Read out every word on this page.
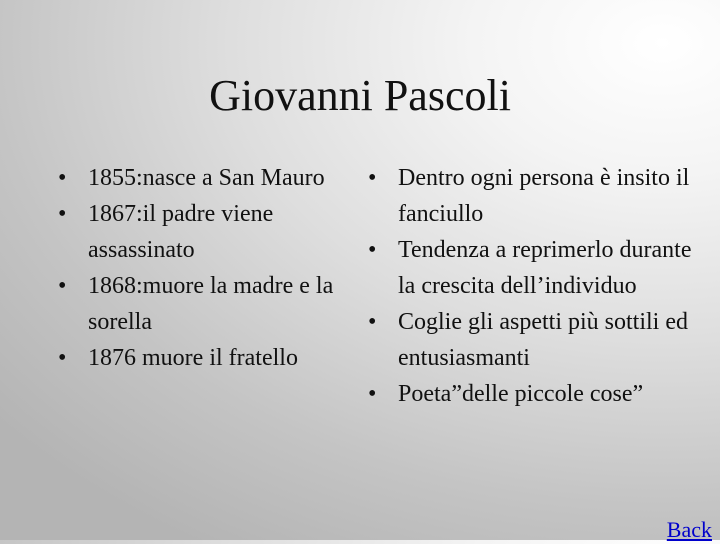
Giovanni Pascoli
• 1855:nasce a San Mauro
• 1867:il padre viene assassinato
• 1868:muore la madre e la sorella
• 1876 muore il fratello
• Dentro ogni persona è insito il fanciullo
• Tendenza a reprimerlo durante la crescita dell’individuo
• Coglie gli aspetti più sottili ed entusiasmanti
• Poeta”delle piccole cose”
Back
